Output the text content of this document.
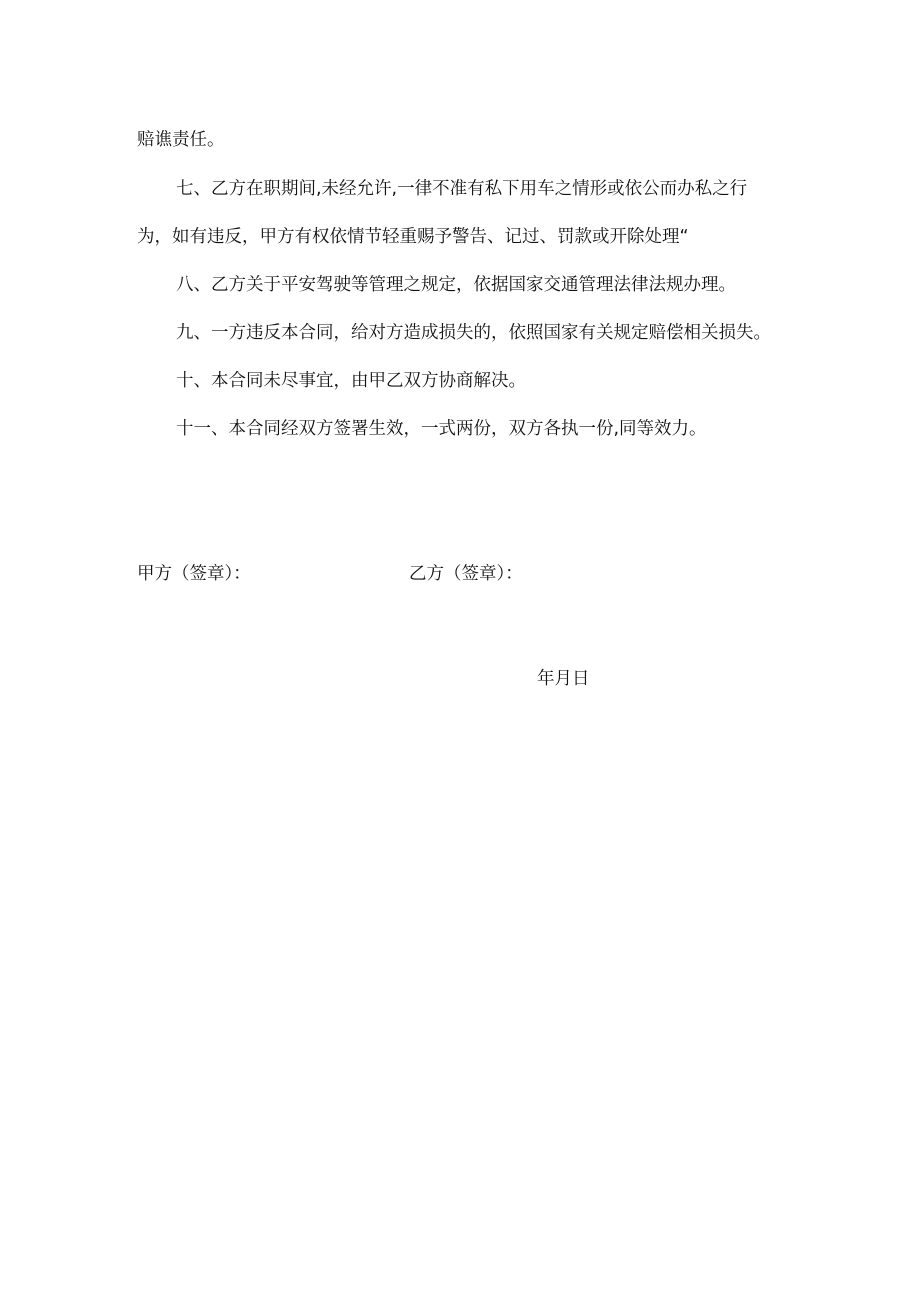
赔谯责任。
七、乙方在职期间,未经允许,一律不准有私下用车之情形或依公而办私之行
为，如有违反，甲方有权依情节轻重赐予警告、记过、罚款或开除处理“
八、乙方关于平安驾驶等管理之规定，依据国家交通管理法律法规办理。
九、一方违反本合同，给对方造成损失的，依照国家有关规定赔偿相关损失。
十、本合同未尽事宜，由甲乙双方协商解决。
十一、本合同经双方签署生效，一式两份，双方各执一份,同等效力。
甲方（签章）：	乙方（签章）：
年月日
